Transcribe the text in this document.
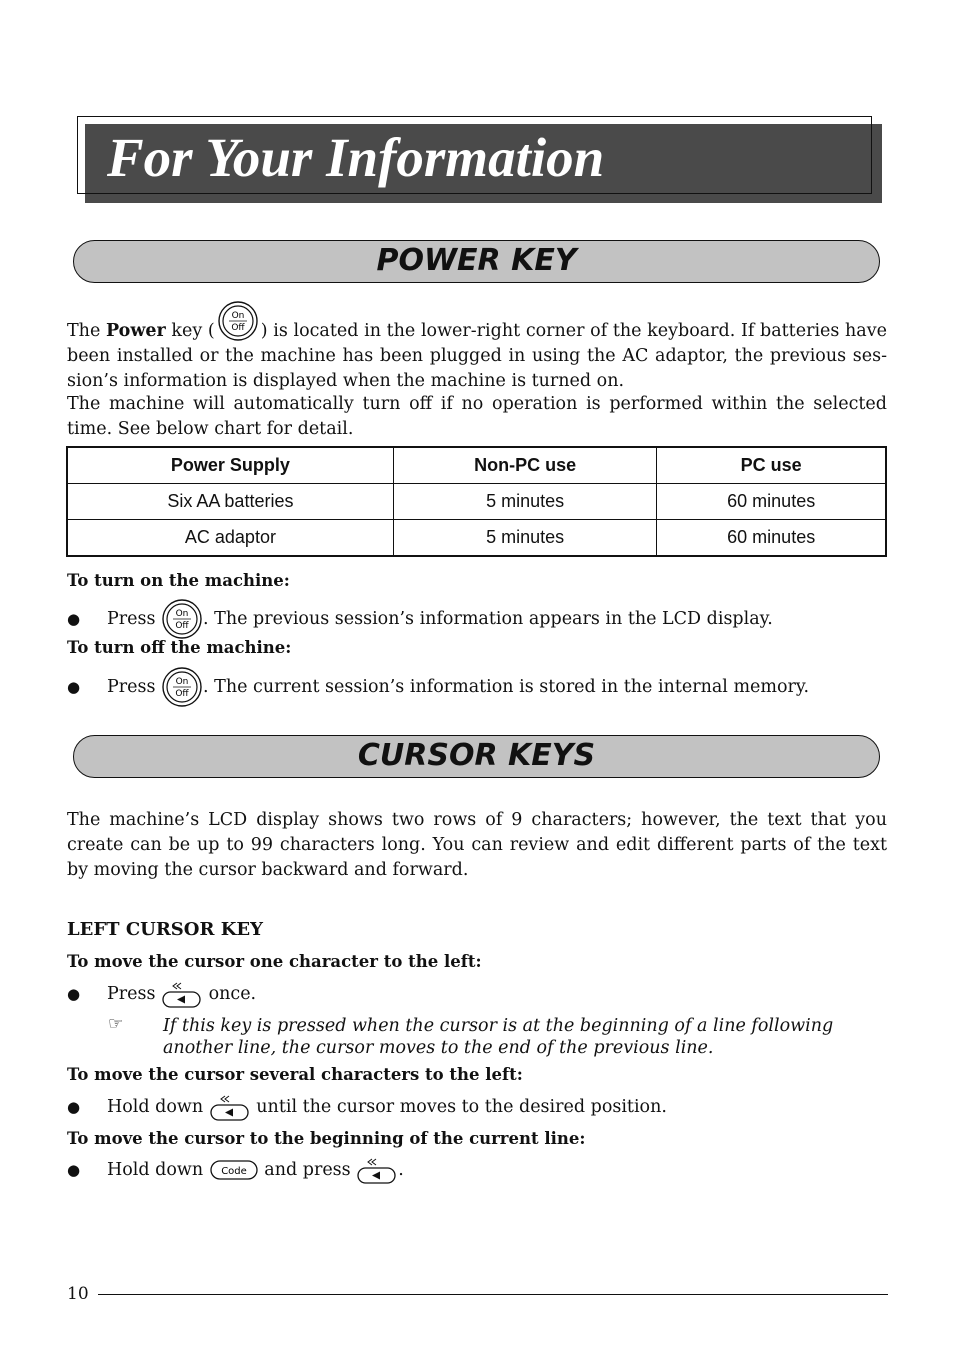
For Your Information
POWER KEY

The Power key (
On
Off ) is located in the lower-right corner of the keyboard. If batteries have been installed or the machine has been plugged in using the AC adaptor, the previous ses-sion’s information is displayed when the machine is turned on.

The machine will automatically turn off if no operation is performed within the selected time. See below chart for detail.

Power Supply	Non-PC use	PC use
Six AA batteries	5 minutes	60 minutes
AC adaptor	5 minutes	60 minutes

To turn on the machine:

● Press On
Off . The previous session’s information appears in the LCD display.

To turn off the machine:

● Press On
Off . The current session’s information is stored in the internal memory.
CURSOR KEYS

The machine’s LCD display shows two rows of 9 characters; however, the text that you create can be up to 99 characters long. You can review and edit different parts of the text by moving the cursor backward and forward.

LEFT CURSOR KEY

To move the cursor one character to the left:

● Press once.
☞ If this key is pressed when the cursor is at the beginning of a line following another line, the cursor moves to the end of the previous line.

To move the cursor several characters to the left:

● Hold down until the cursor moves to the desired position.

To move the cursor to the beginning of the current line:

● Hold down Code and press .
10
